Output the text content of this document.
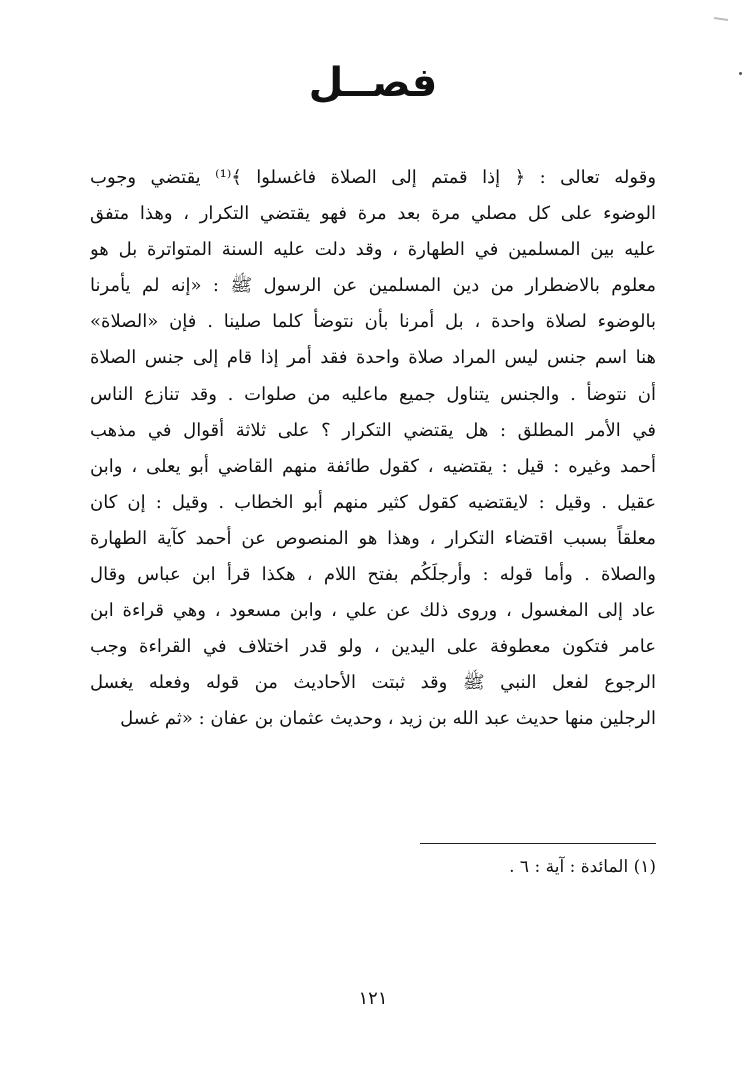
فصــل
وقوله تعالى : ﴿ إذا قمتم إلى الصلاة فاغسلوا ﴾⁽¹⁾ يقتضي وجوب
الوضوء على كل مصلي مرة بعد مرة فهو يقتضي التكرار ، وهذا متفق
عليه بين المسلمين في الطهارة ، وقد دلت عليه السنة المتواترة بل هو
معلوم بالاضطرار من دين المسلمين عن الرسول ﷺ : «إنه لم يأمرنا
بالوضوء لصلاة واحدة ، بل أمرنا بأن نتوضأ كلما صلينا . فإن «الصلاة»
هنا اسم جنس ليس المراد صلاة واحدة فقد أمر إذا قام إلى جنس الصلاة
أن نتوضأ . والجنس يتناول جميع ماعليه من صلوات . وقد تنازع الناس
في الأمر المطلق : هل يقتضي التكرار ؟ على ثلاثة أقوال في مذهب
أحمد وغيره : قيل : يقتضيه ، كقول طائفة منهم القاضي أبو يعلى ، وابن
عقيل . وقيل : لايقتضيه كقول كثير منهم أبو الخطاب . وقيل : إن كان
معلقاً بسبب اقتضاء التكرار ، وهذا هو المنصوص عن أحمد كآية الطهارة
والصلاة . وأما قوله : وأرجلَكُم بفتح اللام ، هكذا قرأ ابن عباس وقال
عاد إلى المغسول ، وروى ذلك عن علي ، وابن مسعود ، وهي قراءة ابن
عامر فتكون معطوفة على اليدين ، ولو قدر اختلاف في القراءة وجب
الرجوع لفعل النبي ﷺ وقد ثبتت الأحاديث من قوله وفعله يغسل
الرجلين منها حديث عبد الله بن زيد ، وحديث عثمان بن عفان : «ثم غسل
(١) المائدة : آية : ٦ .
١٢١
